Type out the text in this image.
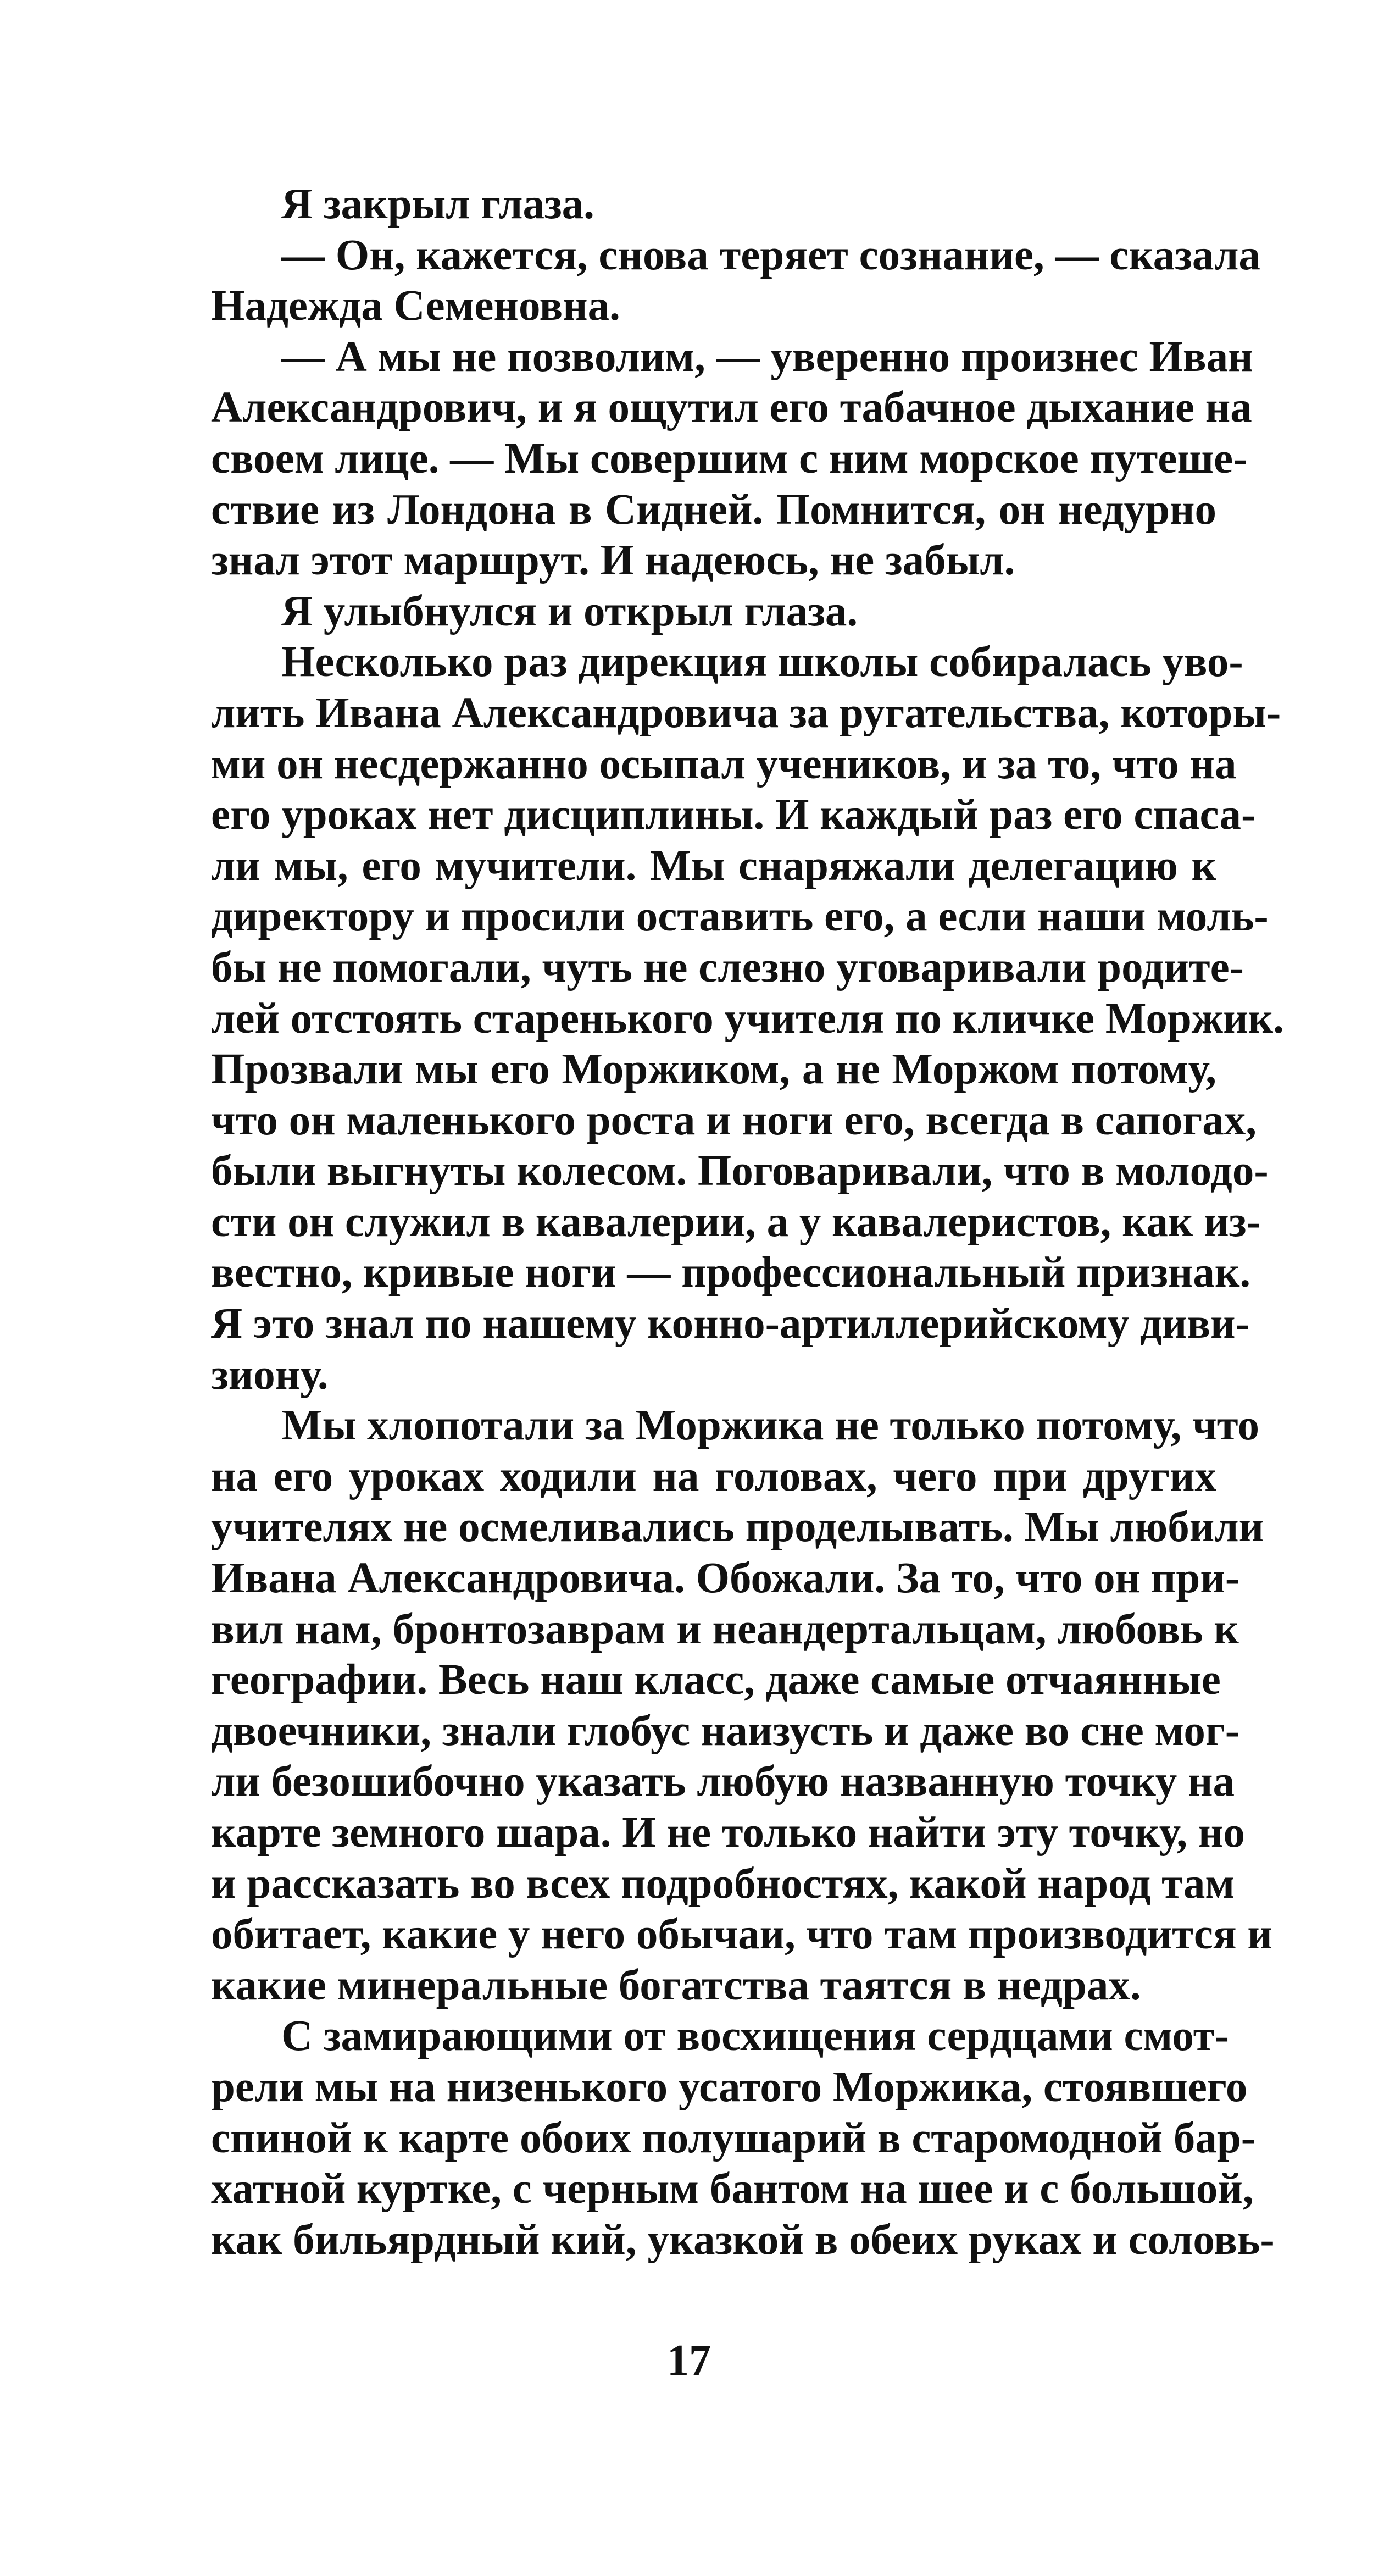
Я закрыл глаза.
— Он, кажется, снова теряет сознание, — сказала
Надежда Семеновна.
— А мы не позволим, — уверенно произнес Иван
Александрович, и я ощутил его табачное дыхание на
своем лице. — Мы совершим с ним морское путеше-
ствие из Лондона в Сидней. Помнится, он недурно
знал этот маршрут. И надеюсь, не забыл.
Я улыбнулся и открыл глаза.
Несколько раз дирекция школы собиралась уво-
лить Ивана Александровича за ругательства, которы-
ми он несдержанно осыпал учеников, и за то, что на
его уроках нет дисциплины. И каждый раз его спаса-
ли мы, его мучители. Мы снаряжали делегацию к
директору и просили оставить его, а если наши моль-
бы не помогали, чуть не слезно уговаривали родите-
лей отстоять старенького учителя по кличке Моржик.
Прозвали мы его Моржиком, а не Моржом потому,
что он маленького роста и ноги его, всегда в сапогах,
были выгнуты колесом. Поговаривали, что в молодо-
сти он служил в кавалерии, а у кавалеристов, как из-
вестно, кривые ноги — профессиональный признак.
Я это знал по нашему конно-артиллерийскому диви-
зиону.
Мы хлопотали за Моржика не только потому, что
на его уроках ходили на головах, чего при других
учителях не осмеливались проделывать. Мы любили
Ивана Александровича. Обожали. За то, что он при-
вил нам, бронтозаврам и неандертальцам, любовь к
географии. Весь наш класс, даже самые отчаянные
двоечники, знали глобус наизусть и даже во сне мог-
ли безошибочно указать любую названную точку на
карте земного шара. И не только найти эту точку, но
и рассказать во всех подробностях, какой народ там
обитает, какие у него обычаи, что там производится и
какие минеральные богатства таятся в недрах.
С замирающими от восхищения сердцами смот-
рели мы на низенького усатого Моржика, стоявшего
спиной к карте обоих полушарий в старомодной бар-
хатной куртке, с черным бантом на шее и с большой,
как бильярдный кий, указкой в обеих руках и соловь-
17
